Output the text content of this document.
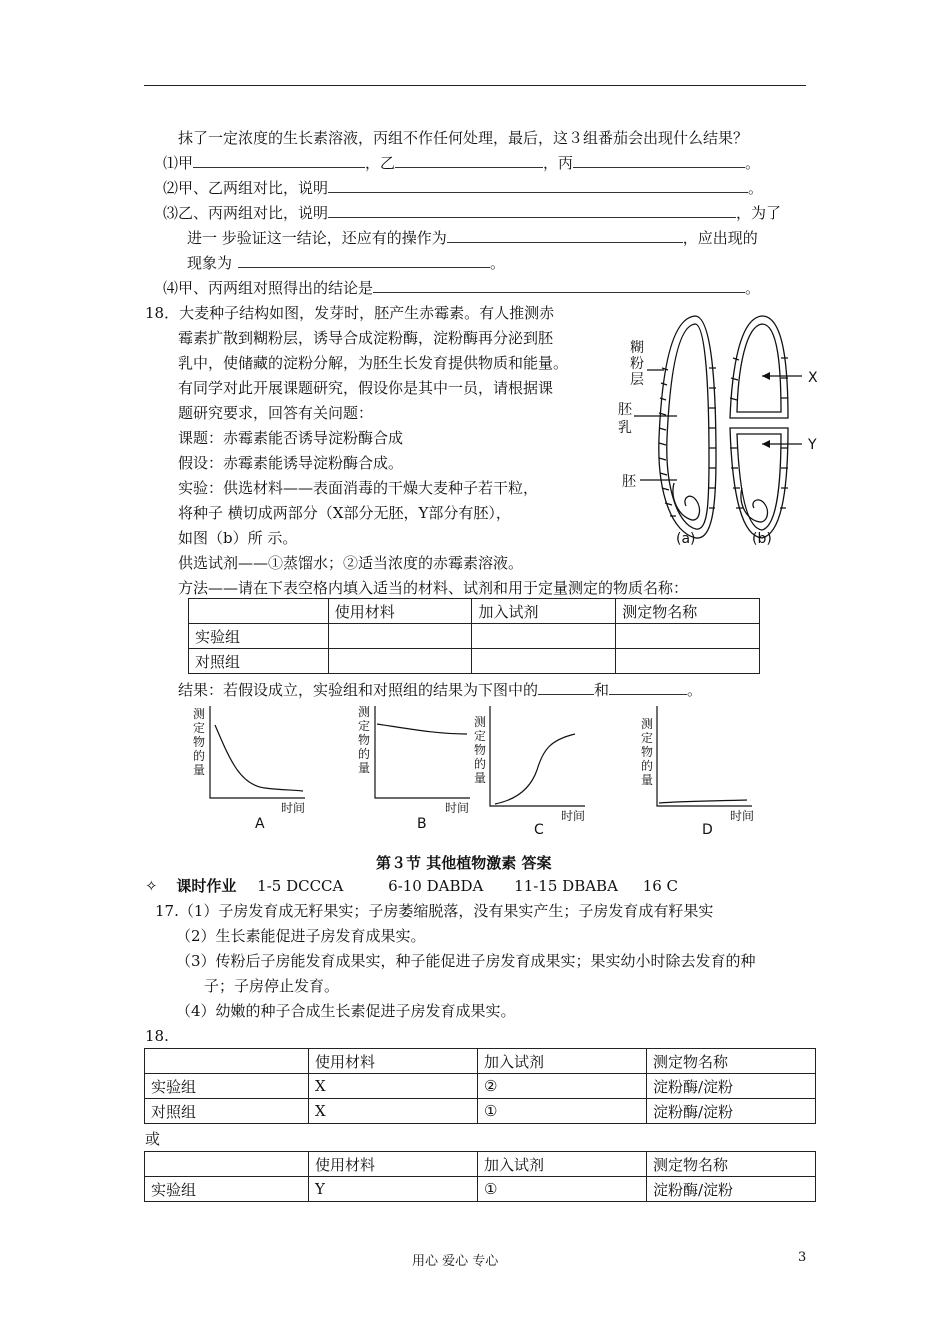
抹了一定浓度的生长素溶液，丙组不作任何处理，最后，这３组番茄会出现什么结果？
⑴甲	，乙	，丙	。
⑵甲、乙两组对比，说明	。
⑶乙、丙两组对比，说明	，为了
进一 步验证这一结论，还应有的操作为	，应出现的
现象为	。
⑷甲、丙两组对照得出的结论是	。
18．大麦种子结构如图，发芽时，胚产生赤霉素。有人推测赤
霉素扩散到糊粉层，诱导合成淀粉酶，淀粉酶再分泌到胚
乳中，使储藏的淀粉分解，为胚生长发育提供物质和能量。
有同学对此开展课题研究，假设你是其中一员，请根据课
题研究要求，回答有关问题：
课题：赤霉素能否诱导淀粉酶合成
假设：赤霉素能诱导淀粉酶合成。
实验：供选材料——表面消毒的干燥大麦种子若干粒，
将种子 横切成两部分（X部分无胚，Y部分有胚），
如图（b）所 示。
供选试剂——①蒸馏水；②适当浓度的赤霉素溶液。
方法——请在下表空格内填入适当的材料、试剂和用于定量测定的物质名称：
糊
粉
层
胚
乳
胚
X
Y
(a)	(b)
	使用材料	加入试剂	测定物名称
实验组			
对照组			
结果：若假设成立，实验组和对照组的结果为下图中的	和	。
测
定
物
的
量
测
定
物
的
量
测
定
物
的
量
测
定
物
的
量
时间	时间
时间	时间
A	B	C	D
第３节 其他植物激素 答案
✧ 课时作业 1-5 DCCCA	6-10 DABDA 11-15 DBABA 16 C
17.（1）子房发育成无籽果实；子房萎缩脱落，没有果实产生；子房发育成有籽果实
（2）生长素能促进子房发育成果实。
（3）传粉后子房能发育成果实，种子能促进子房发育成果实；果实幼小时除去发育的种
子；子房停止发育。
（4）幼嫩的种子合成生长素促进子房发育成果实。
18.
	使用材料	加入试剂	测定物名称
实验组	X	②	淀粉酶/淀粉
对照组	X	①	淀粉酶/淀粉
或
	使用材料	加入试剂	测定物名称
实验组	Y	①	淀粉酶/淀粉
用心 爱心 专心	3
